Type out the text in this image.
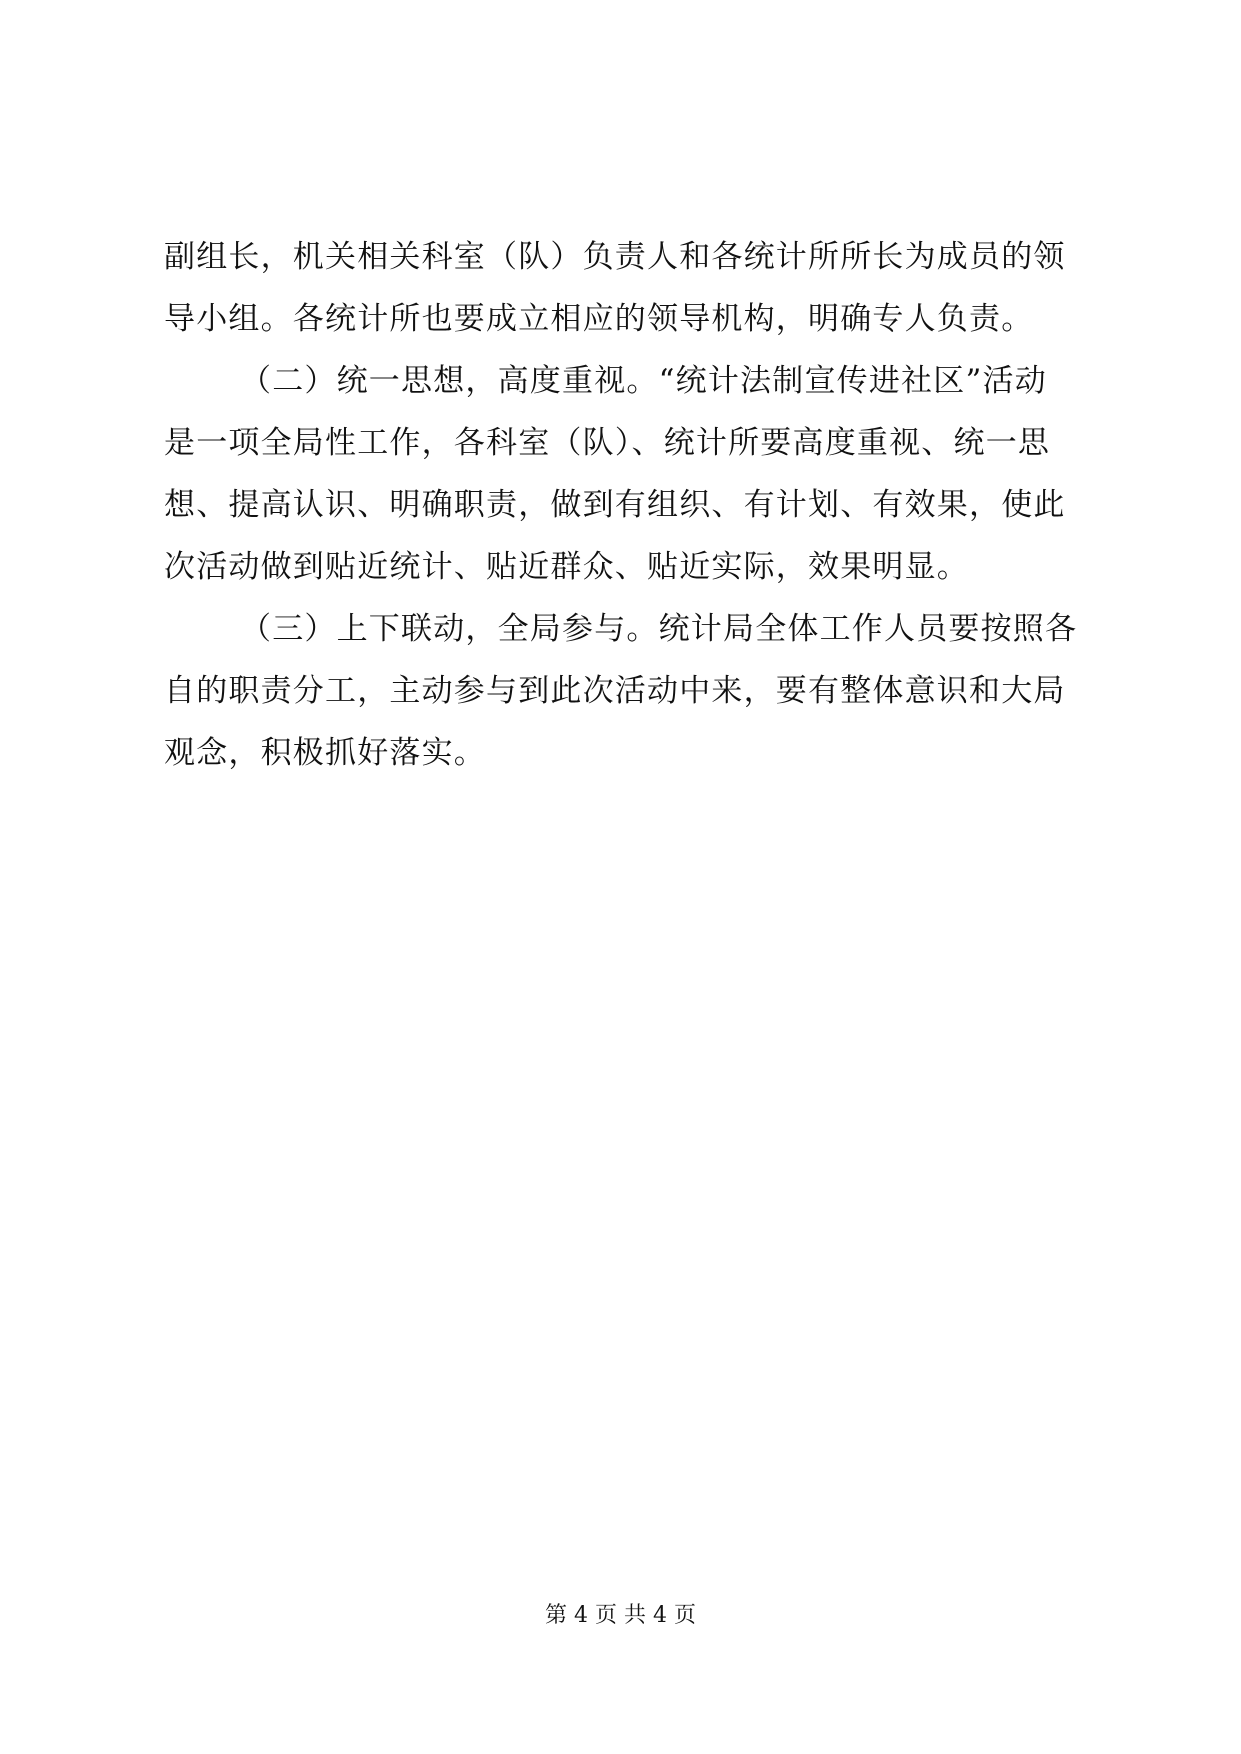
副组长，机关相关科室（队）负责人和各统计所所长为成员的领
导小组。各统计所也要成立相应的领导机构，明确专人负责。
（二）统一思想，高度重视。“统计法制宣传进社区”活动
是一项全局性工作，各科室（队）、统计所要高度重视、统一思
想、提高认识、明确职责，做到有组织、有计划、有效果，使此
次活动做到贴近统计、贴近群众、贴近实际，效果明显。
（三）上下联动，全局参与。统计局全体工作人员要按照各
自的职责分工，主动参与到此次活动中来，要有整体意识和大局
观念，积极抓好落实。
第 4 页 共 4 页
